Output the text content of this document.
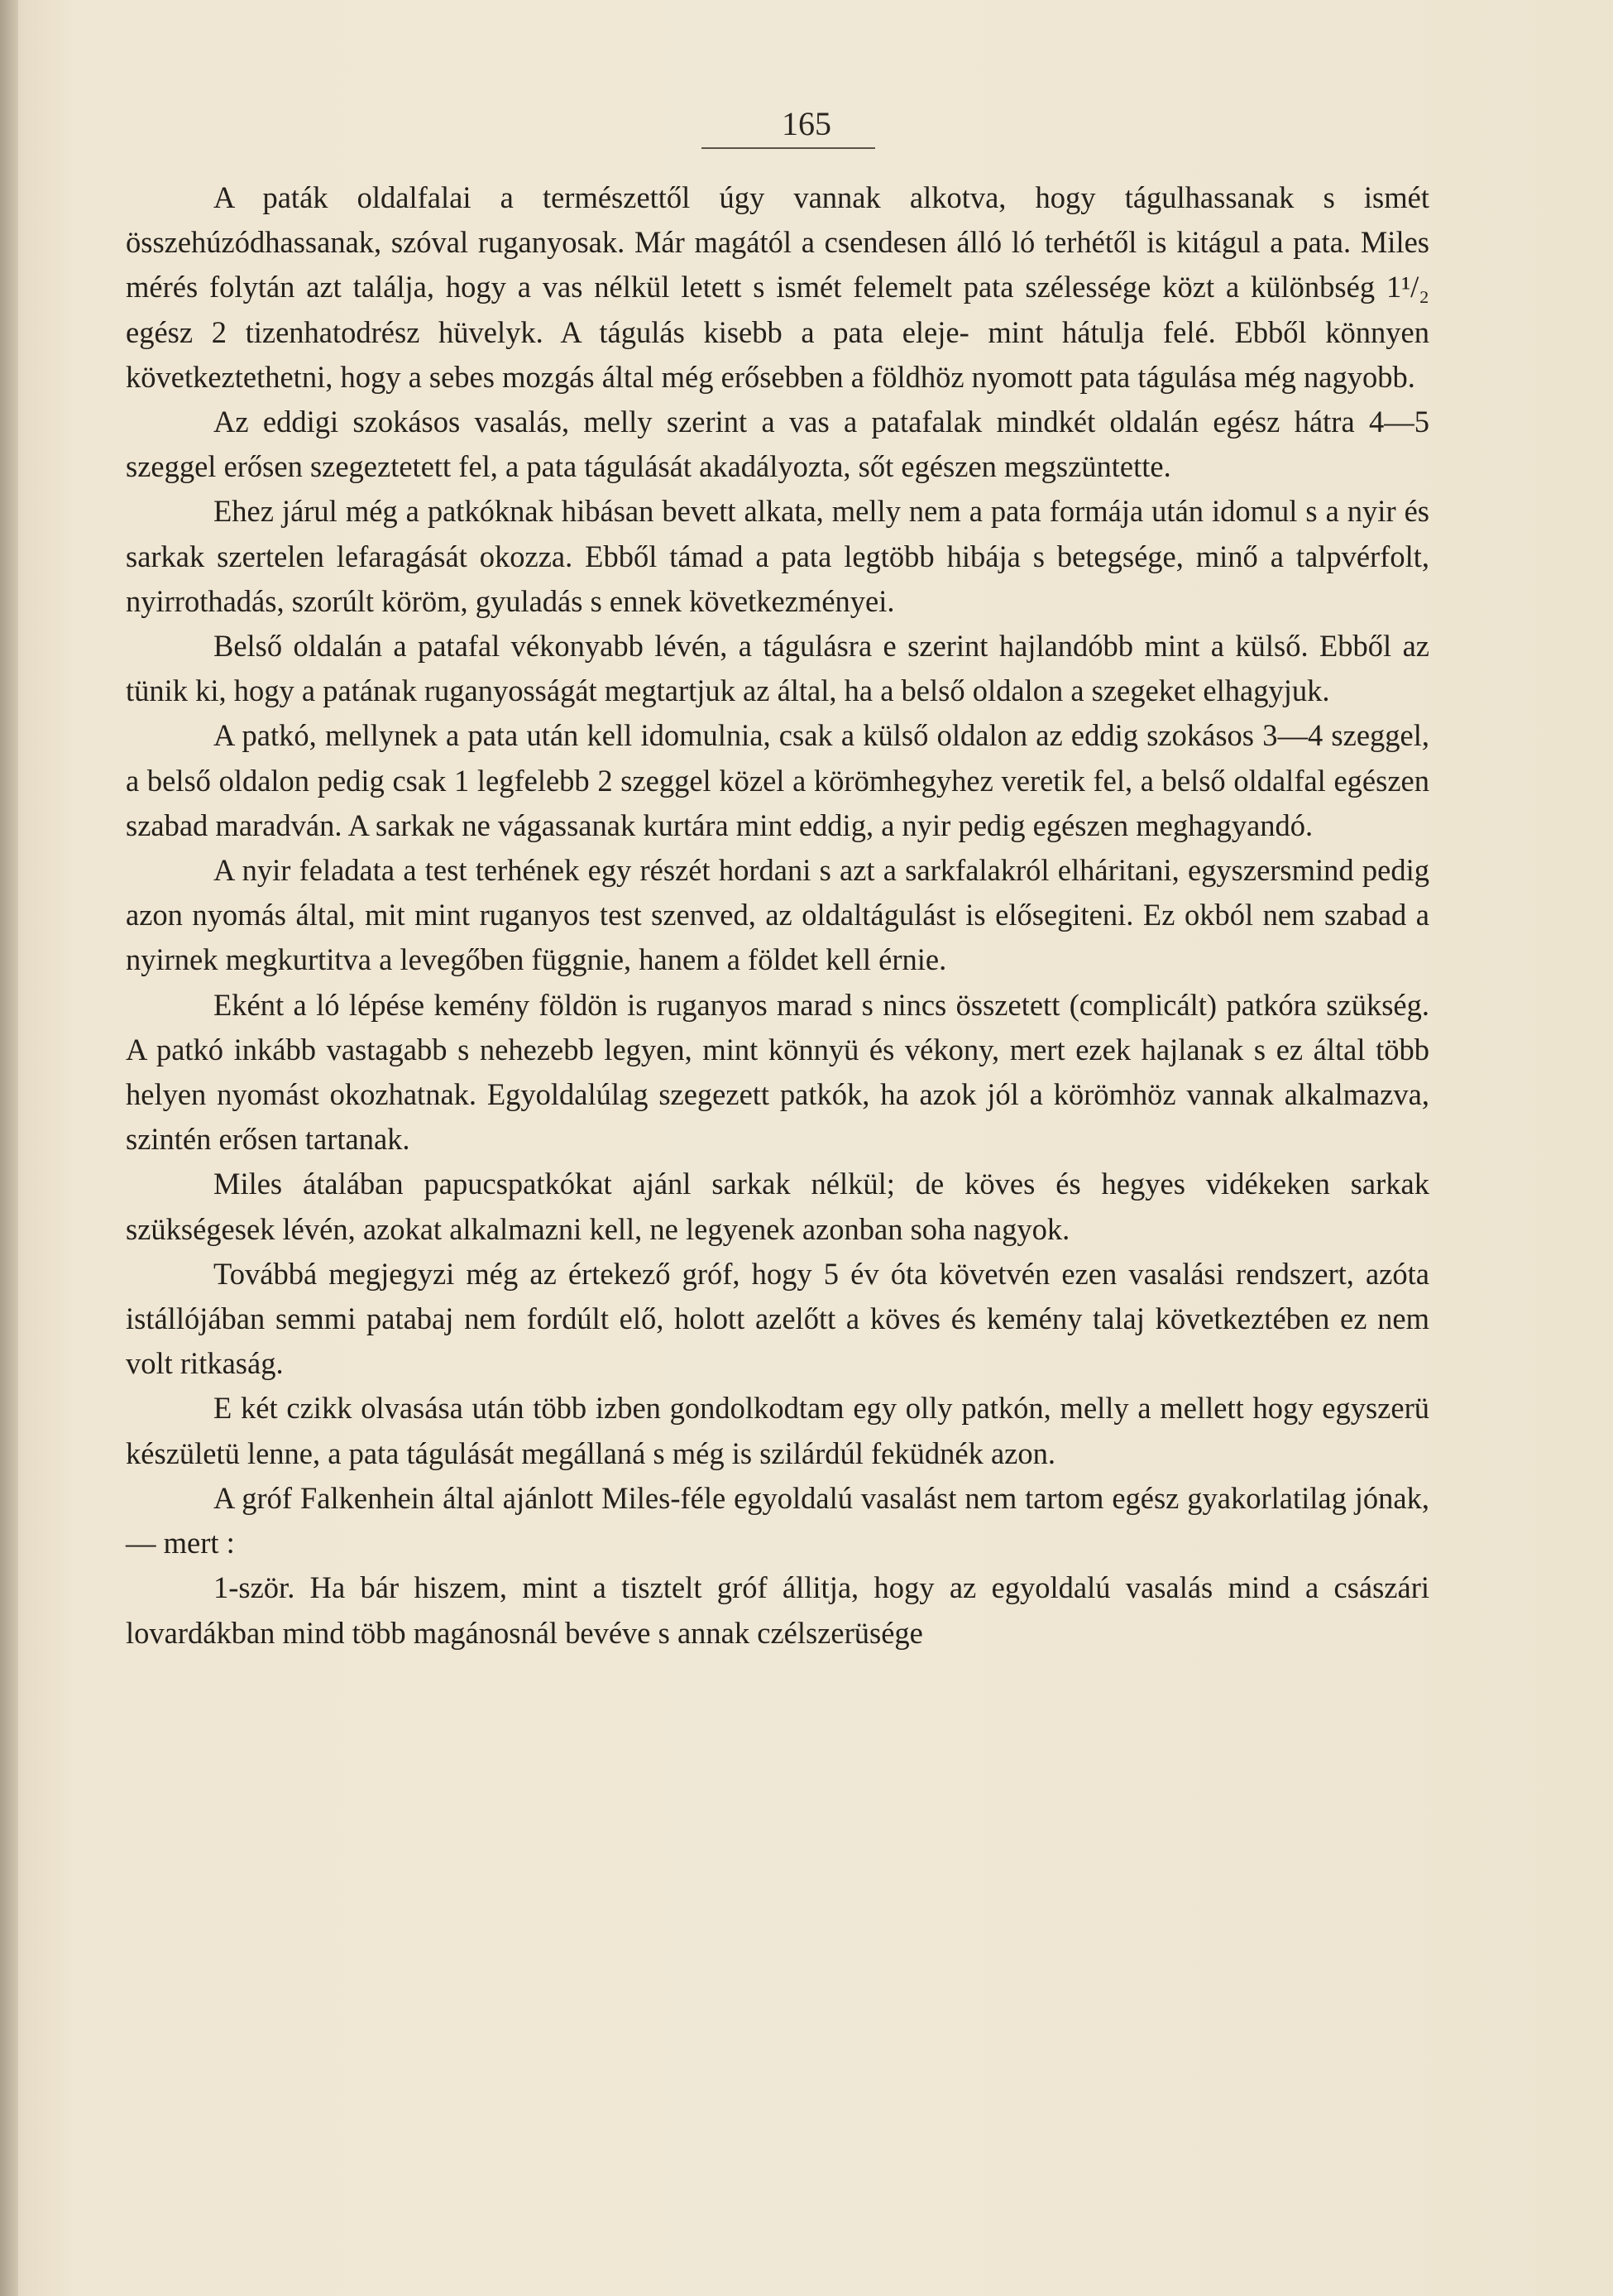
165

A paták oldalfalai a természettől úgy vannak alkotva, hogy tágulhassanak s ismét összehúzódhassanak, szóval ruganyosak. Már magától a csendesen álló ló terhétől is kitágul a pata. Miles mérés folytán azt találja, hogy a vas nélkül letett s ismét felemelt pata szélessége közt a különbség 1¹/₂ egész 2 tizenhatodrész hüvelyk. A tágulás kisebb a pata eleje- mint hátulja felé. Ebből könnyen következtethetni, hogy a sebes mozgás által még erősebben a földhöz nyomott pata tágulása még nagyobb.

Az eddigi szokásos vasalás, melly szerint a vas a patafalak mindkét oldalán egész hátra 4—5 szeggel erősen szegeztetett fel, a pata tágulását akadályozta, sőt egészen megszüntette.

Ehez járul még a patkóknak hibásan bevett alkata, melly nem a pata formája után idomul s a nyir és sarkak szertelen lefaragását okozza. Ebből támad a pata legtöbb hibája s betegsége, minő a talpvérfolt, nyirrothadás, szorúlt köröm, gyuladás s ennek következményei.

Belső oldalán a patafal vékonyabb lévén, a tágulásra e szerint hajlandóbb mint a külső. Ebből az tünik ki, hogy a patának ruganyosságát megtartjuk az által, ha a belső oldalon a szegeket elhagyjuk.

A patkó, mellynek a pata után kell idomulnia, csak a külső oldalon az eddig szokásos 3—4 szeggel, a belső oldalon pedig csak 1 legfelebb 2 szeggel közel a körömhegyhez veretik fel, a belső oldalfal egészen szabad maradván. A sarkak ne vágassanak kurtára mint eddig, a nyir pedig egészen meghagyandó.

A nyir feladata a test terhének egy részét hordani s azt a sarkfalakról elháritani, egyszersmind pedig azon nyomás által, mit mint ruganyos test szenved, az oldaltágulást is elősegiteni. Ez okból nem szabad a nyirnek megkurtitva a levegőben függnie, hanem a földet kell érnie.

Eként a ló lépése kemény földön is ruganyos marad s nincs összetett (complicált) patkóra szükség. A patkó inkább vastagabb s nehezebb legyen, mint könnyü és vékony, mert ezek hajlanak s ez által több helyen nyomást okozhatnak. Egyoldalúlag szegezett patkók, ha azok jól a körömhöz vannak alkalmazva, szintén erősen tartanak.

Miles átalában papucspatkókat ajánl sarkak nélkül; de köves és hegyes vidékeken sarkak szükségesek lévén, azokat alkalmazni kell, ne legyenek azonban soha nagyok.

Továbbá megjegyzi még az értekező gróf, hogy 5 év óta követvén ezen vasalási rendszert, azóta istállójában semmi patabaj nem fordúlt elő, holott azelőtt a köves és kemény talaj következtében ez nem volt ritkaság.

E két czikk olvasása után több izben gondolkodtam egy olly patkón, melly a mellett hogy egyszerü készületü lenne, a pata tágulását megállaná s még is szilárdúl feküdnék azon.

A gróf Falkenhein által ajánlott Miles-féle egyoldalú vasalást nem tartom egész gyakorlatilag jónak, — mert :

1-ször. Ha bár hiszem, mint a tisztelt gróf állitja, hogy az egyoldalú vasalás mind a császári lovardákban mind több magánosnál bevéve s annak czélszerüsége
